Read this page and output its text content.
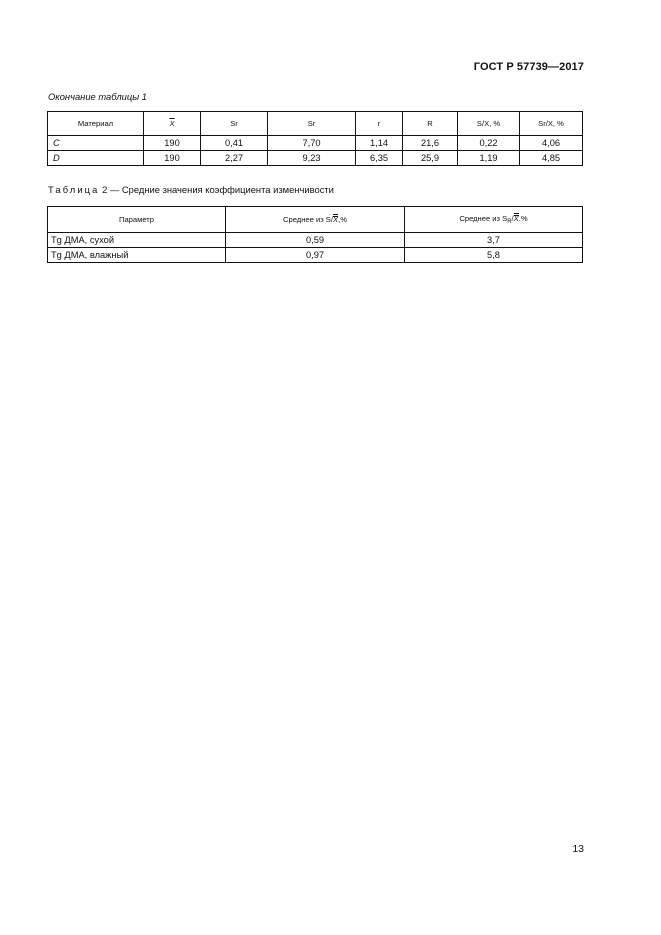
ГОСТ Р 57739—2017
Окончание таблицы 1
Материал	$\overline{X}$	Sr	Sr	r	R	S/X, %	Sr/X, %
C	190	0,41	7,70	1,14	21,6	0,22	4,06
D	190	2,27	9,23	6,35	25,9	1,19	4,85
Таблица 2 — Средние значения коэффициента изменчивости
Параметр	Среднее из S/X,%	Среднее из $S_R/X.\%$
Tg ДМА, сухой	0,59	3,7
Tg ДМА, влажный	0,97	5,8
13
